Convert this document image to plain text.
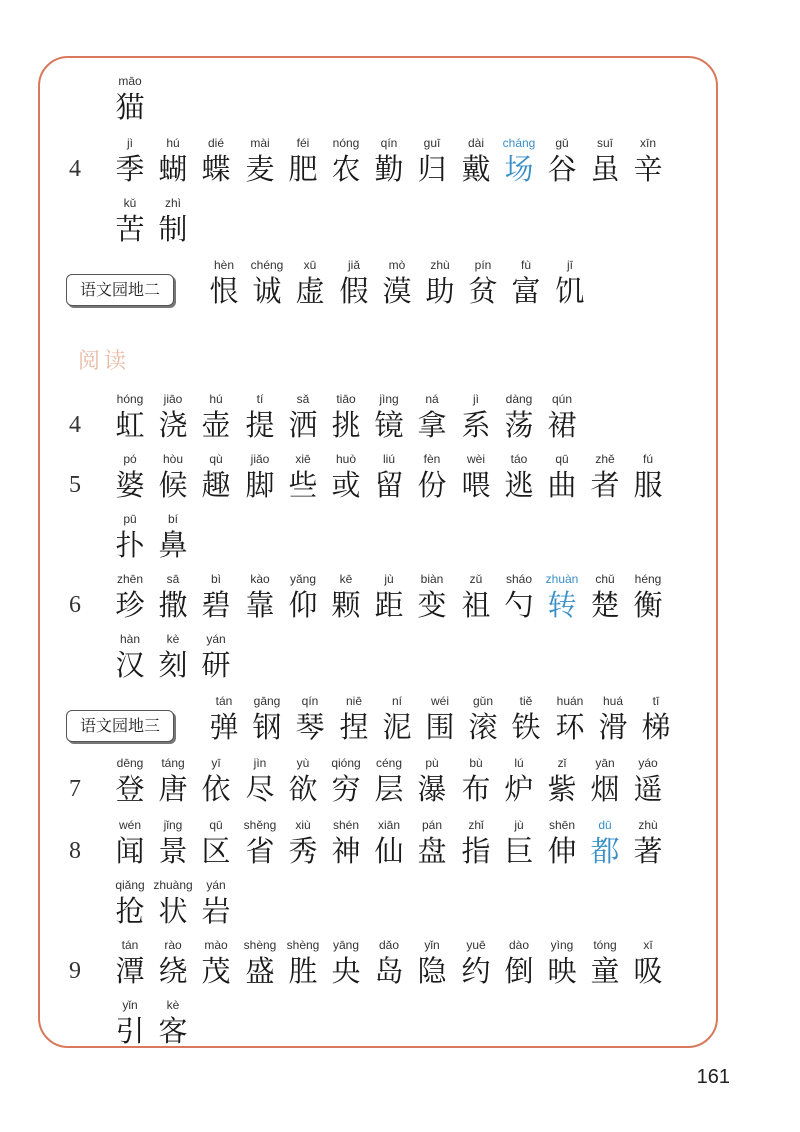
阅读
māo
猫
4
jì
季
hú
蝴
dié
蝶
mài
麦
féi
肥
nóng
农
qín
勤
guī
归
dài
戴
cháng
场
gǔ
谷
suī
虽
xīn
辛
kǔ
苦
zhì
制
语文园地二
hèn
恨
chéng
诚
xū
虚
jiǎ
假
mò
漠
zhù
助
pín
贫
fù
富
jī
饥
4
hóng
虹
jiāo
浇
hú
壶
tí
提
sǎ
洒
tiāo
挑
jìng
镜
ná
拿
jì
系
dàng
荡
qún
裙
5
pó
婆
hòu
候
qù
趣
jiǎo
脚
xiē
些
huò
或
liú
留
fèn
份
wèi
喂
táo
逃
qū
曲
zhě
者
fú
服
pū
扑
bí
鼻
6
zhēn
珍
sā
撒
bì
碧
kào
靠
yǎng
仰
kē
颗
jù
距
biàn
变
zǔ
祖
sháo
勺
zhuàn
转
chǔ
楚
héng
衡
hàn
汉
kè
刻
yán
研
语文园地三
tán
弹
gāng
钢
qín
琴
niē
捏
ní
泥
wéi
围
gǔn
滚
tiě
铁
huán
环
huá
滑
tī
梯
7
dēng
登
táng
唐
yī
依
jìn
尽
yù
欲
qióng
穷
céng
层
pù
瀑
bù
布
lú
炉
zǐ
紫
yān
烟
yáo
遥
8
wén
闻
jǐng
景
qū
区
shěng
省
xiù
秀
shén
神
xiān
仙
pán
盘
zhǐ
指
jù
巨
shēn
伸
dū
都
zhù
著
qiǎng
抢
zhuàng
状
yán
岩
9
tán
潭
rào
绕
mào
茂
shèng
盛
shèng
胜
yāng
央
dǎo
岛
yǐn
隐
yuē
约
dào
倒
yìng
映
tóng
童
xī
吸
yǐn
引
kè
客
161
